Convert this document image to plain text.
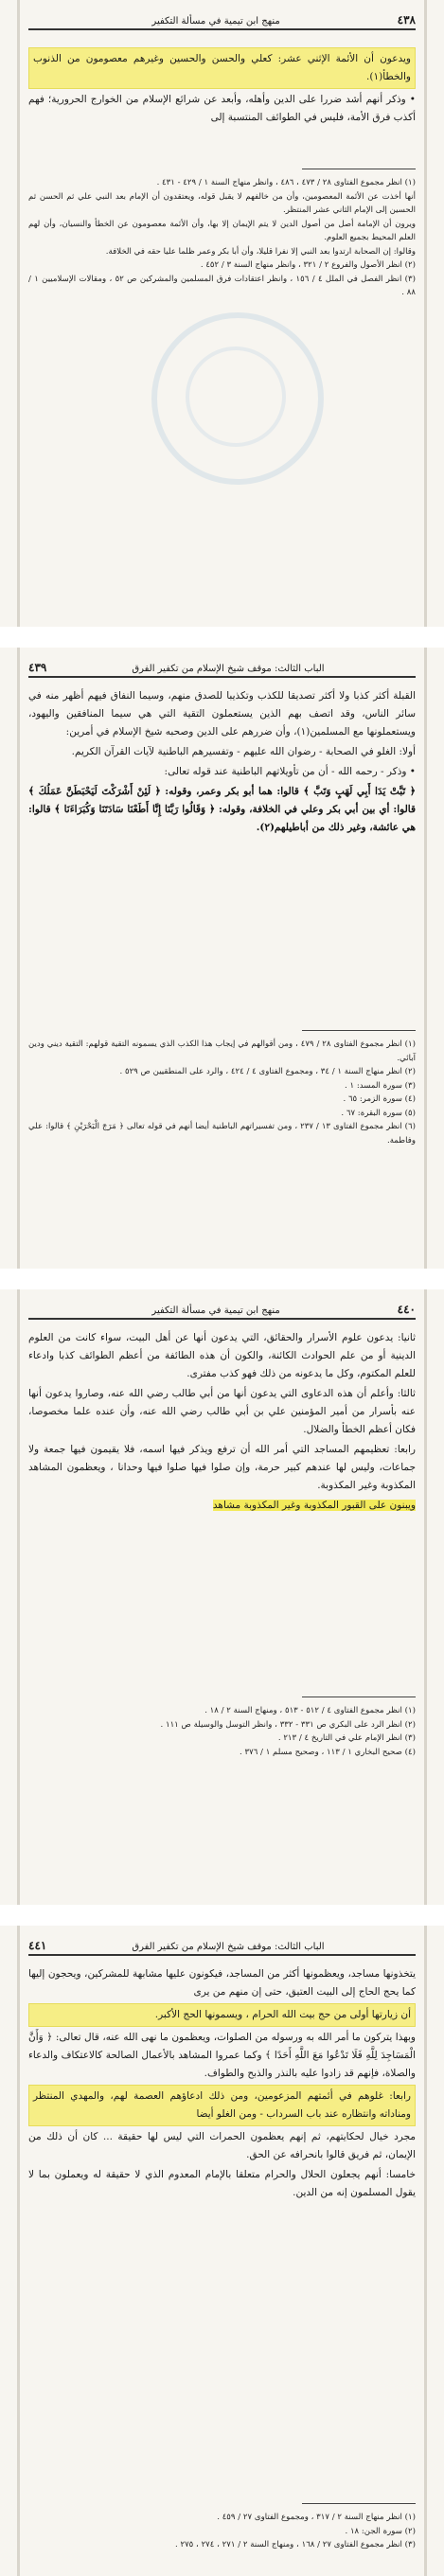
٤٣٨
منهج ابن تيمية في مسألة التكفير

ويدعون أن الأئمة الإثني عشر: كعلي والحسن والحسين وغيرهم معصومون من الذنوب والخطأ(١).

• وذكر أنهم أشد ضررا على الدين وأهله، وأبعد عن شرائع الإسلام من الخوارج الحرورية؛ فهم أكذب فرق الأمة، فليس في الطوائف المنتسبة إلى

(١) انظر مجموع الفتاوى ٢٨ / ٤٧٣ ، ٤٨٦ ، وانظر منهاج السنة ١ / ٤٢٩ - ٤٣١ .

أنها أخذت عن الأئمة المعصومين، وأن من خالفهم لا يقبل قوله، ويعتقدون أن الإمام بعد النبي علي ثم الحسن ثم الحسين إلى الإمام الثاني عشر المنتظر.

ويرون أن الإمامة أصل من أصول الدين لا يتم الإيمان إلا بها، وأن الأئمة معصومون عن الخطأ والنسيان، وأن لهم العلم المحيط بجميع العلوم.

وقالوا: إن الصحابة ارتدوا بعد النبي إلا نفرا قليلا، وأن أبا بكر وعمر ظلما عليا حقه في الخلافة.

(٢) انظر الأصول والفروع ٢ / ٣٢١ ، وانظر منهاج السنة ٣ / ٤٥٢ .

(٣) انظر الفصل في الملل ٤ / ١٥٦ ، وانظر اعتقادات فرق المسلمين والمشركين ص ٥٢ ، ومقالات الإسلاميين ١ / ٨٨ .

الباب الثالث: موقف شيخ الإسلام من تكفير الفرق
٤٣٩

القبلة أكثر كذبا ولا أكثر تصديقا للكذب وتكذيبا للصدق منهم، وسيما النفاق فيهم أظهر منه في سائر الناس، وقد اتصف بهم الذين يستعملون التقية التي هي سيما المنافقين واليهود، ويستعملونها مع المسلمين(١)، وأن ضررهم على الدين وصحبه شيخ الإسلام في أمرين:

أولا: الغلو في الصحابة - رضوان الله عليهم - وتفسيرهم الباطنية لآيات القرآن الكريم.

• وذكر - رحمه الله - أن من تأويلاتهم الباطنية عند قوله تعالى:

﴿ تَبَّتْ يَدَا أَبِي لَهَبٍ وَتَبَّ ﴾ قالوا: هما أبو بكر وعمر، وقوله: ﴿ لَئِنْ أَشْرَكْتَ لَيَحْبَطَنَّ عَمَلُكَ ﴾ قالوا: أي بين أبي بكر وعلي في الخلافة، وقوله: ﴿ وَقَالُوا رَبَّنَا إِنَّا أَطَعْنَا سَادَتَنَا وَكُبَرَاءَنَا ﴾ قالوا: هي عائشة، وغير ذلك من أباطيلهم(٢).

(١) انظر مجموع الفتاوى ٢٨ / ٤٧٩ ، ومن أقوالهم في إيجاب هذا الكذب الذي يسمونه التقية قولهم: التقية ديني ودين آبائي.

(٢) انظر منهاج السنة ١ / ٣٤ ، ومجموع الفتاوى ٤ / ٤٢٤ ، والرد على المنطقيين ص ٥٢٩ .

(٣) سورة المسد: ١ .

(٤) سورة الزمر: ٦٥ .

(٥) سورة البقرة: ٦٧ .

(٦) انظر مجموع الفتاوى ١٣ / ٢٣٧ ، ومن تفسيراتهم الباطنية أيضا أنهم في قوله تعالى ﴿ مَرَجَ الْبَحْرَيْنِ ﴾ قالوا: علي وفاطمة.

٤٤٠
منهج ابن تيمية في مسألة التكفير

ثانيا: يدعون علوم الأسرار والحقائق، التي يدعون أنها عن أهل البيت، سواء كانت من العلوم الدينية أو من علم الحوادث الكائنة، والكون أن هذه الطائفة من أعظم الطوائف كذبا وادعاء للعلم المكتوم، وكل ما يدعونه من ذلك فهو كذب مفترى.

ثالثا: وأعلم أن هذه الدعاوى التي يدعون أنها من أبي طالب رضي الله عنه، وصاروا يدعون أنها عنه بأسرار من أمير المؤمنين علي بن أبي طالب رضي الله عنه، وأن عنده علما مخصوصا، فكان أعظم الخطأ والضلال.

رابعا: تعظيمهم المساجد التي أمر الله أن ترفع ويذكر فيها اسمه، فلا يقيمون فيها جمعة ولا جماعات، وليس لها عندهم كبير حرمة، وإن صلوا فيها صلوا فيها وحدانا ، ويعظمون المشاهد المكذوبة وغير المكذوبة.

ويبنون على القبور المكذوبة وغير المكذوبة مشاهد

(١) انظر مجموع الفتاوى ٤ / ٥١٢ - ٥١٣ ، ومنهاج السنة ٢ / ١٨ .

(٢) انظر الرد على البكري ص ٣٣١ - ٣٣٢ ، وانظر التوسل والوسيلة ص ١١١ .

(٣) انظر الإمام علي في التاريخ ٤ / ٢١٣ .

(٤) صحيح البخاري ١ / ١١٣ ، وصحيح مسلم ١ / ٣٧٦ .

الباب الثالث: موقف شيخ الإسلام من تكفير الفرق
٤٤١

يتخذونها مساجد، ويعظمونها أكثر من المساجد، فيكونون عليها مشابهة للمشركين، ويحجون إليها كما يحج الحاج إلى البيت العتيق، حتى إن منهم من يرى

أن زيارتها أولى من حج بيت الله الحرام ، ويسمونها الحج الأكبر.

وبهذا يتركون ما أمر الله به ورسوله من الصلوات، ويعظمون ما نهى الله عنه، قال تعالى: ﴿ وَأَنَّ الْمَسَاجِدَ لِلَّهِ فَلَا تَدْعُوا مَعَ اللَّهِ أَحَدًا ﴾ وكما عمروا المشاهد بالأعمال الصالحة كالاعتكاف والدعاء والصلاة، فإنهم قد زادوا عليه بالنذر والذبح والطواف.

رابعا: غلوهم في أئمتهم المزعومين، ومن ذلك ادعاؤهم العصمة لهم، والمهدي المنتظر ومناداته وانتظاره عند باب السرداب - ومن الغلو أيضا

مجرد خيال لحكايتهم، ثم إنهم يعظمون الحمرات التي ليس لها حقيقة ... كان أن ذلك من الإيمان، ثم فريق قالوا بانحرافه عن الحق.

خامسا: أنهم يجعلون الحلال والحرام متعلقا بالإمام المعدوم الذي لا حقيقة له ويعملون بما لا يقول المسلمون إنه من الدين.

(١) انظر منهاج السنة ٢ / ٣١٧ ، ومجموع الفتاوى ٢٧ / ٤٥٩ .

(٢) سورة الجن: ١٨ .

(٣) انظر مجموع الفتاوى ٢٧ / ١٦٨ ، ومنهاج السنة ٢ / ٢٧١ ، ٢٧٤ ، ٢٧٥ .
